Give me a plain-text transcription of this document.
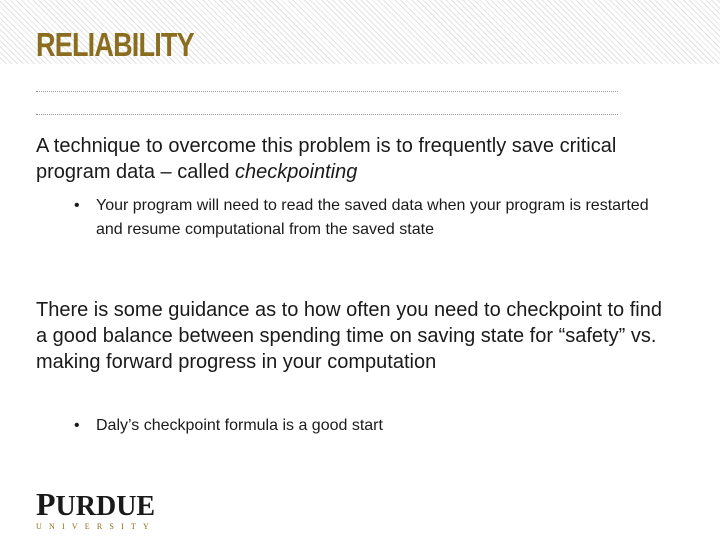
RELIABILITY

A technique to overcome this problem is to frequently save critical program data – called checkpointing

• Your program will need to read the saved data when your program is restarted and resume computational from the saved state

There is some guidance as to how often you need to checkpoint to find a good balance between spending time on saving state for “safety” vs. making forward progress in your computation

• Daly’s checkpoint formula is a good start
PURDUE
UNIVERSITY
